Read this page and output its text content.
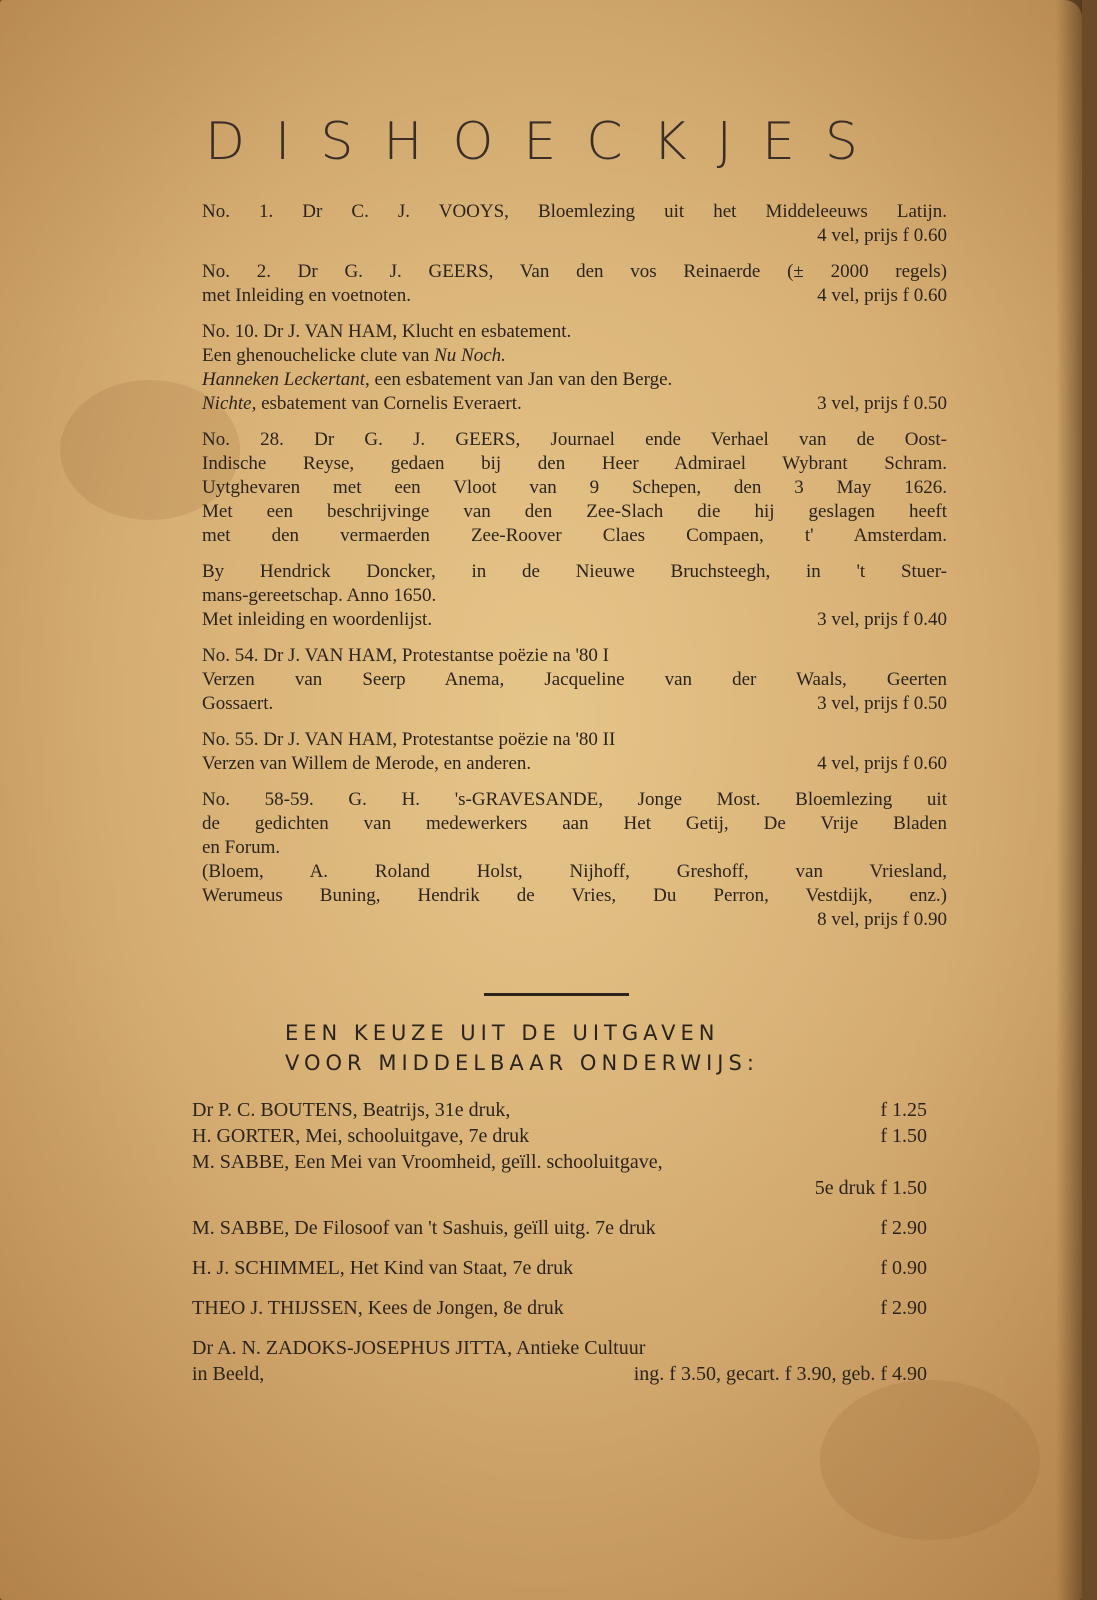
DISHOECKJES
No. 1. Dr C. J. VOOYS, Bloemlezing uit het Middeleeuws Latijn.
4 vel, prijs f 0.60
No. 2. Dr G. J. GEERS, Van den vos Reinaerde (± 2000 regels)
met Inleiding en voetnoten.	4 vel, prijs f 0.60
No. 10. Dr J. VAN HAM, Klucht en esbatement.
Een ghenouchelicke clute van Nu Noch.
Hanneken Leckertant, een esbatement van Jan van den Berge.
Nichte, esbatement van Cornelis Everaert.	3 vel, prijs f 0.50
No. 28. Dr G. J. GEERS, Journael ende Verhael van de Oost-
Indische Reyse, gedaen bij den Heer Admirael Wybrant Schram.
Uytghevaren met een Vloot van 9 Schepen, den 3 May 1626.
Met een beschrijvinge van den Zee-Slach die hij geslagen heeft
met den vermaerden Zee-Roover Claes Compaen, t' Amsterdam.
By Hendrick Doncker, in de Nieuwe Bruchsteegh, in 't Stuer-
mans-gereetschap. Anno 1650.
Met inleiding en woordenlijst.	3 vel, prijs f 0.40
No. 54. Dr J. VAN HAM, Protestantse poëzie na '80 I
Verzen van Seerp Anema, Jacqueline van der Waals, Geerten
Gossaert.	3 vel, prijs f 0.50
No. 55. Dr J. VAN HAM, Protestantse poëzie na '80 II
Verzen van Willem de Merode, en anderen.	4 vel, prijs f 0.60
No. 58-59. G. H. 's-GRAVESANDE, Jonge Most. Bloemlezing uit
de gedichten van medewerkers aan Het Getij, De Vrije Bladen
en Forum.
(Bloem, A. Roland Holst, Nijhoff, Greshoff, van Vriesland,
Werumeus Buning, Hendrik de Vries, Du Perron, Vestdijk, enz.)
8 vel, prijs f 0.90
EEN KEUZE UIT DE UITGAVEN
VOOR MIDDELBAAR ONDERWIJS:
Dr P. C. BOUTENS, Beatrijs, 31e druk,	f 1.25
H. GORTER, Mei, schooluitgave, 7e druk	f 1.50
M. SABBE, Een Mei van Vroomheid, geïll. schooluitgave,
5e druk f 1.50
M. SABBE, De Filosoof van 't Sashuis, geïll uitg. 7e druk	f 2.90
H. J. SCHIMMEL, Het Kind van Staat, 7e druk	f 0.90
THEO J. THIJSSEN, Kees de Jongen, 8e druk	f 2.90
Dr A. N. ZADOKS-JOSEPHUS JITTA, Antieke Cultuur
in Beeld,	ing. f 3.50, gecart. f 3.90, geb. f 4.90
